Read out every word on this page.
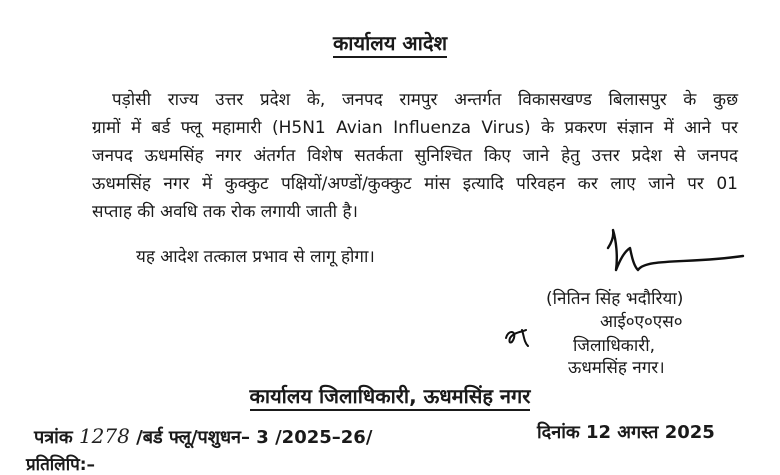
कार्यालय आदेश
पड़ोसी राज्य उत्तर प्रदेश के, जनपद रामपुर अन्तर्गत विकासखण्ड बिलासपुर के कुछ
ग्रामों में बर्ड फ्लू महामारी (H5N1 Avian Influenza Virus) के प्रकरण संज्ञान में आने पर
जनपद ऊधमसिंह नगर अंतर्गत विशेष सतर्कता सुनिश्चित किए जाने हेतु उत्तर प्रदेश से जनपद
ऊधमसिंह नगर में कुक्कुट पक्षियों/अण्डों/कुक्कुट मांस इत्यादि परिवहन कर लाए जाने पर 01
सप्ताह की अवधि तक रोक लगायी जाती है।
यह आदेश तत्काल प्रभाव से लागू होगा।
(नितिन सिंह भदौरिया)
आई०ए०एस०
जिलाधिकारी,
ऊधमसिंह नगर।
कार्यालय जिलाधिकारी, ऊधमसिंह नगर
पत्रांक 1278 /बर्ड फ्लू/पशुधन– 3 /2025–26/	दिनांक 12 अगस्त 2025
प्रतिलिपि:–
